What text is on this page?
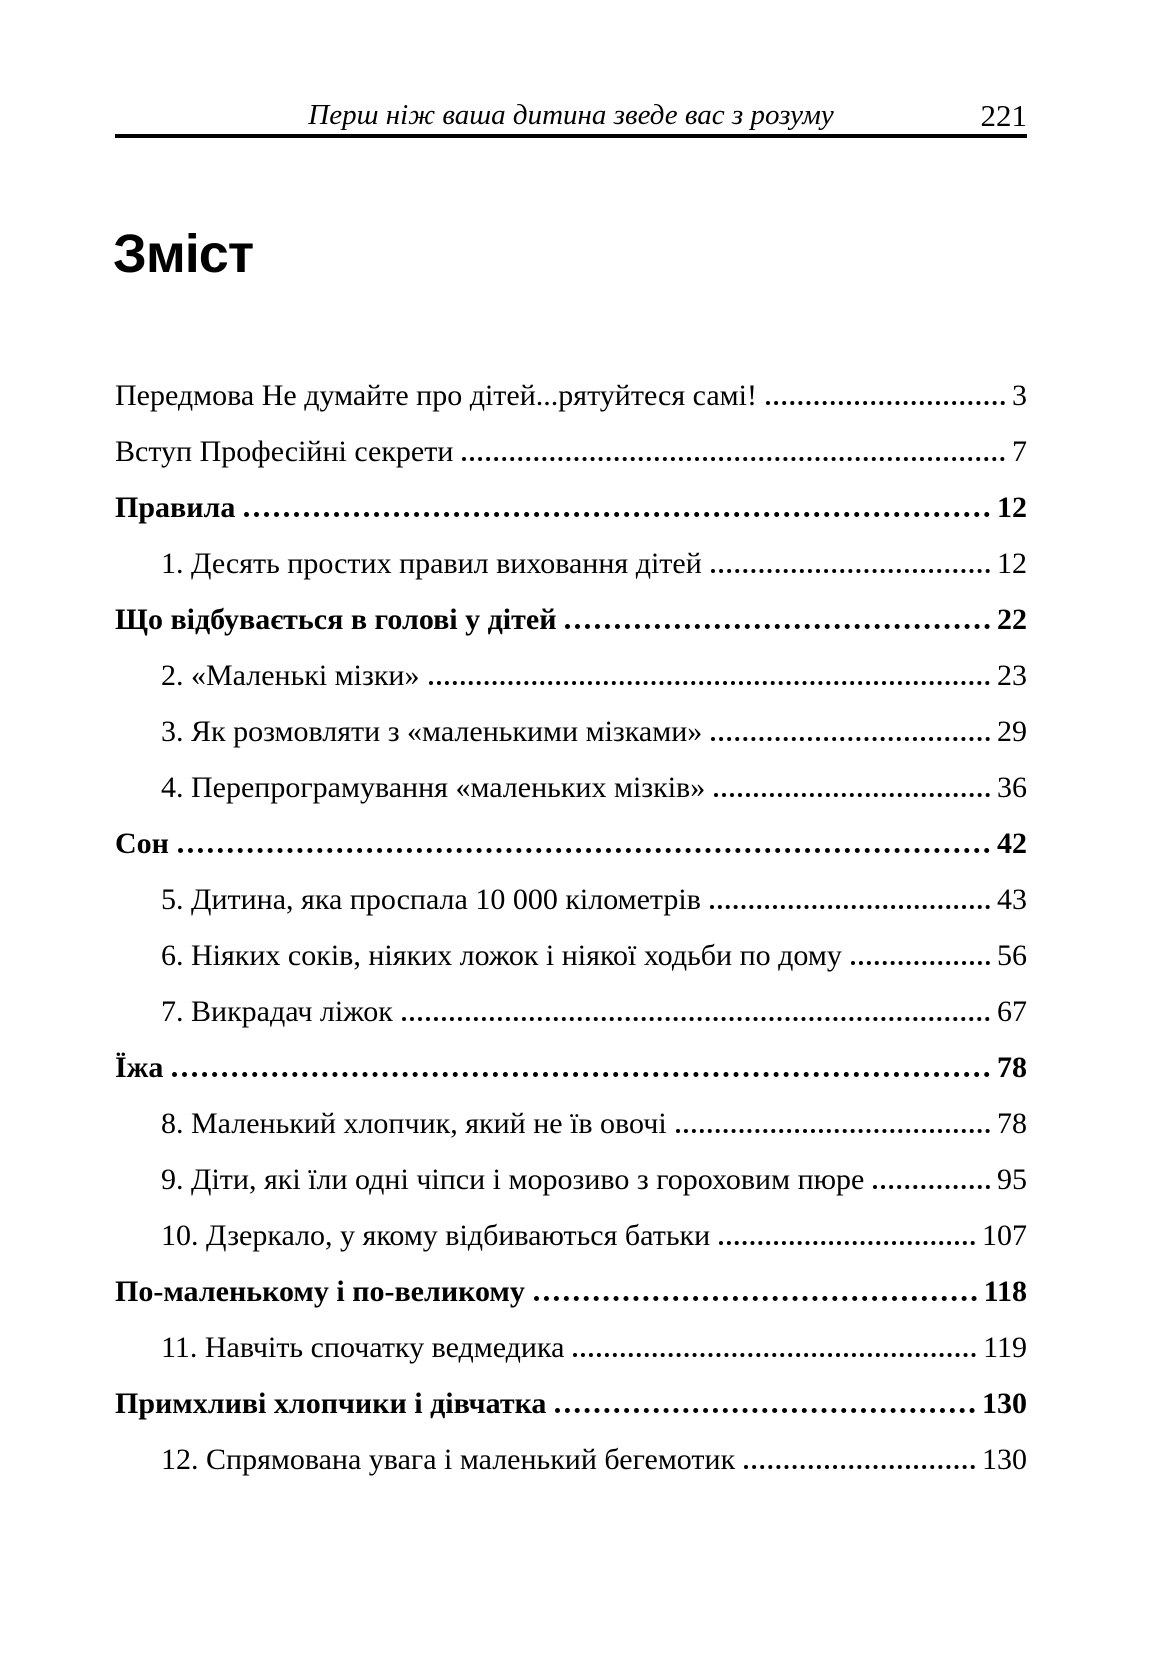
Перш ніж ваша дитина зведе вас з розуму	221
Зміст
Передмова Не думайте про дітей...рятуйтеся самі!	3
Вступ Професійні секрети	7
Правила	12
1. Десять простих правил виховання дітей	12
Що відбувається в голові у дітей	22
2. «Маленькі мізки»	23
3. Як розмовляти з «маленькими мізками»	29
4. Перепрограмування «маленьких мізків»	36
Сон	42
5. Дитина, яка проспала 10 000 кілометрів	43
6. Ніяких соків, ніяких ложок і ніякої ходьби по дому	56
7. Викрадач ліжок	67
Їжа	78
8. Маленький хлопчик, який не їв овочі	78
9. Діти, які їли одні чіпси і морозиво з гороховим пюре	95
10. Дзеркало, у якому відбиваються батьки	107
По-маленькому і по-великому	118
11. Навчіть спочатку ведмедика	119
Примхливі хлопчики і дівчатка	130
12. Спрямована увага і маленький бегемотик	130
